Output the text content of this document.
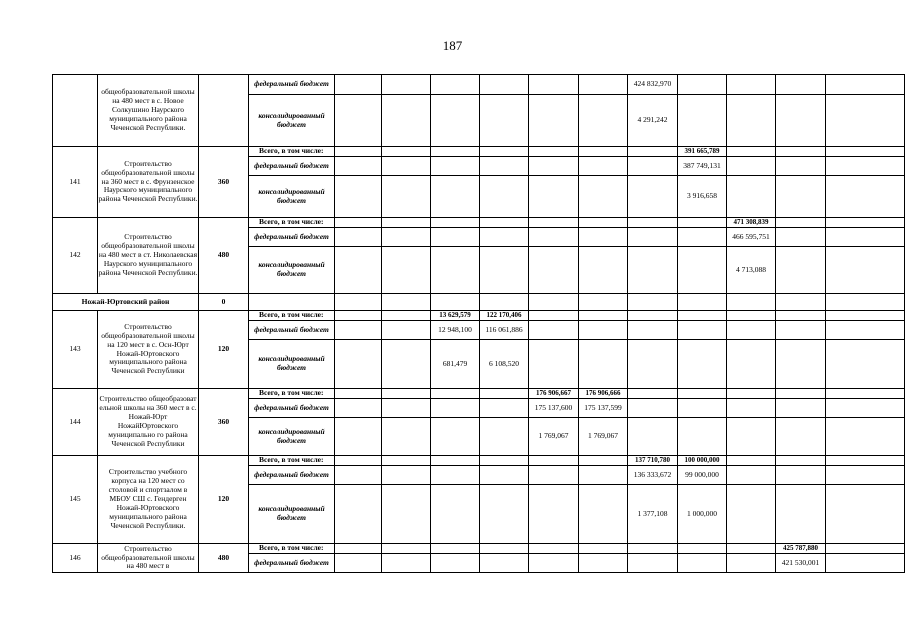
187
	общеобразовательной школы на 480 мест в с. Новое Солкушино Наурского муниципального района Чеченской Республики.		федеральный бюджет							424 832,970				
			консолидированный бюджет							4 291,242				
141	Строительство общеобразовательной школы на 360 мест в с. Фрунзенское Наурского муниципального района Чеченской Республики.	360	Всего, в том числе:								391 665,789			
			федеральный бюджет								387 749,131			
			консолидированный бюджет								3 916,658			
142	Строительство общеобразовательной школы на 480 мест в ст. Николаевская Наурского муниципального района Чеченской Республики.	480	Всего, в том числе:									471 308,839		
			федеральный бюджет									466 595,751		
			консолидированный бюджет									4 713,088		
Ножай-Юртовский район		0												
143	Строительство общеобразовательной школы на 120 мест в с. Осн-Юрт Ножай-Юртовского муниципального района Чеченской Республики	120	Всего, в том числе:			13 629,579	122 170,406							
			федеральный бюджет			12 948,100	116 061,886							
			консолидированный бюджет			681,479	6 108,520							
144	Строительство общеобразоват ельной школы на 360 мест в с. Ножай-Юрт НожайЮртовского муниципально го района Чеченской Республики	360	Всего, в том числе:					176 906,667	176 906,666					
			федеральный бюджет					175 137,600	175 137,599					
			консолидированный бюджет					1 769,067	1 769,067					
145	Строительство учебного корпуса на 120 мест со столовой и спортзалом в МБОУ СШ с. Гендерген Ножай-Юртовского муниципального района Чеченской Республики.	120	Всего, в том числе:							137 710,780	100 000,000			
			федеральный бюджет							136 333,672	99 000,000			
			консолидированный бюджет							1 377,108	1 000,000			
146	Строительство общеобразовательной школы на 480 мест в	480	Всего, в том числе:										425 787,880	
			федеральный бюджет										421 530,001	
